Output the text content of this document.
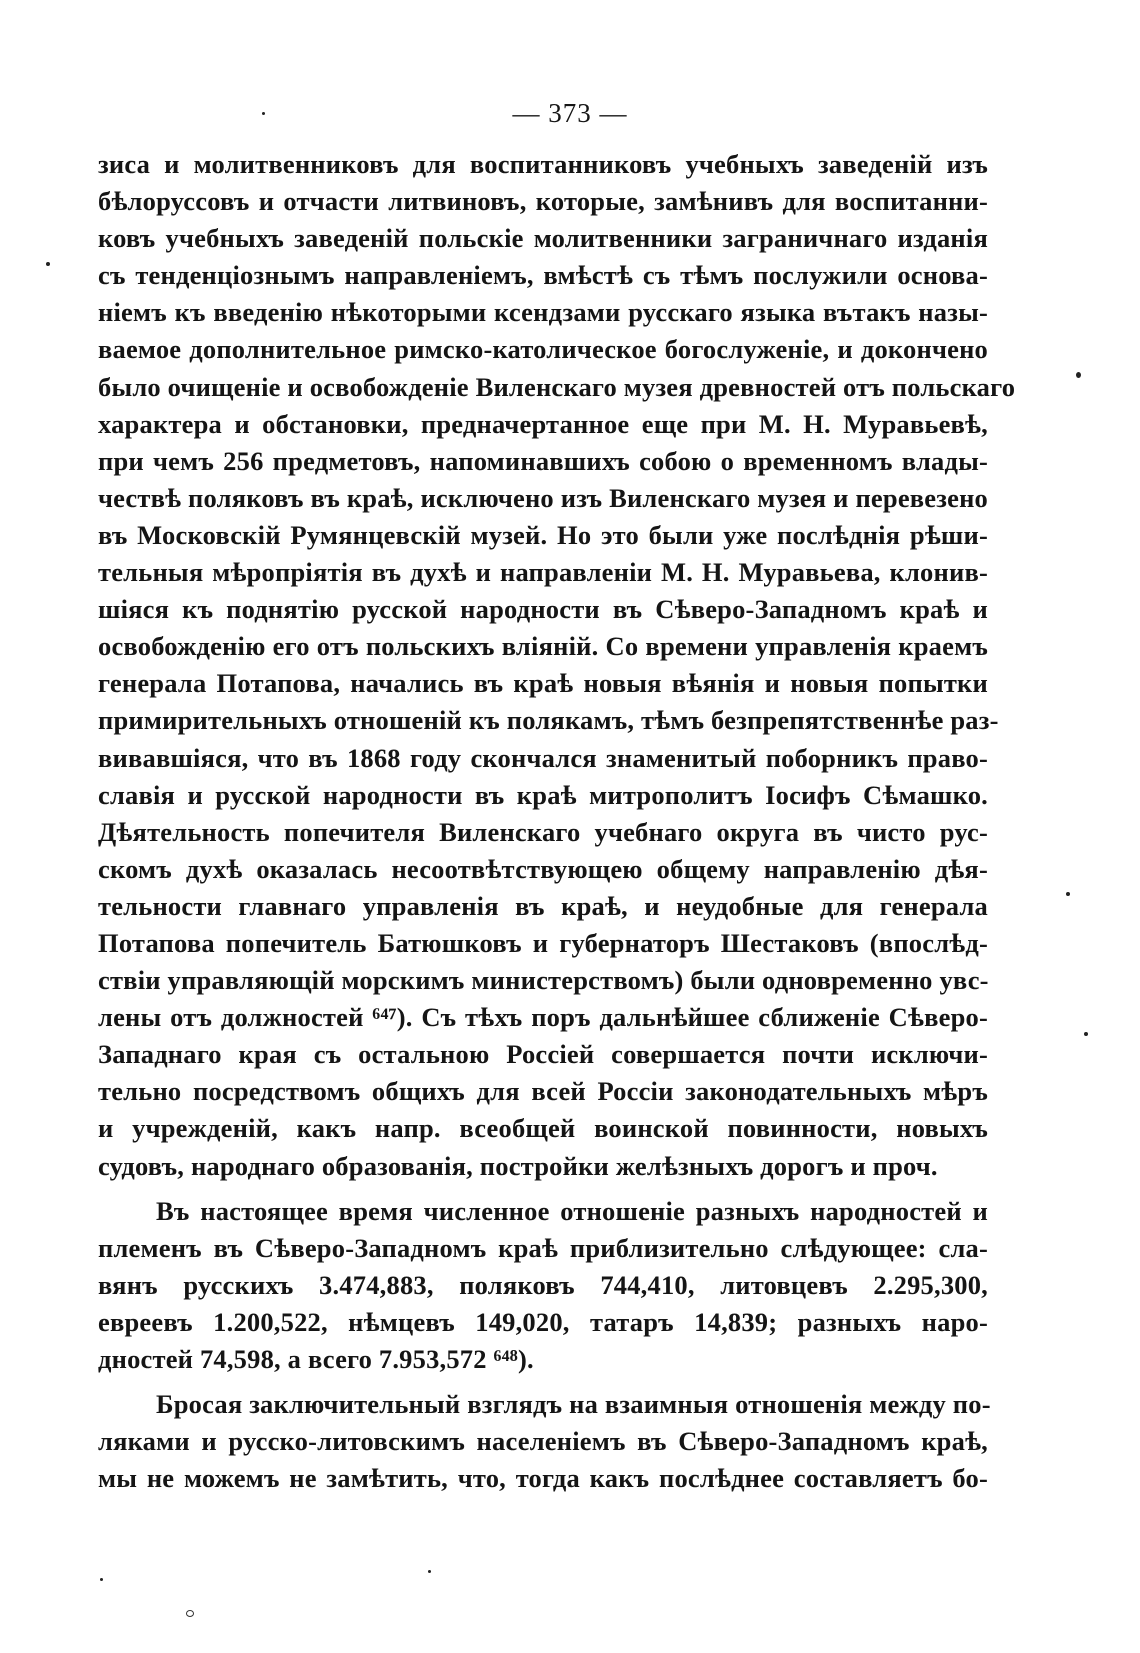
— 373 —
зиса и молитвенниковъ для воспитанниковъ учебныхъ заведеній изъ
бѣлоруссовъ и отчасти литвиновъ, которые, замѣнивъ для воспитанни-
ковъ учебныхъ заведеній польскіе молитвенники заграничнаго изданія
съ тенденціознымъ направленіемъ, вмѣстѣ съ тѣмъ послужили основа-
ніемъ къ введенію нѣкоторыми ксендзами русскаго языка вътакъ назы-
ваемое дополнительное римско-католическое богослуженіе, и докончено
было очищеніе и освобожденіе Виленскаго музея древностей отъ польскаго
характера и обстановки, предначертанное еще при М. Н. Муравьевѣ,
при чемъ 256 предметовъ, напоминавшихъ собою о временномъ влады-
чествѣ поляковъ въ краѣ, исключено изъ Виленскаго музея и перевезено
въ Московскій Румянцевскій музей. Но это были уже послѣднія рѣши-
тельныя мѣропріятія въ духѣ и направленіи М. Н. Муравьева, клонив-
шіяся къ поднятію русской народности въ Сѣверо-Западномъ краѣ и
освобожденію его отъ польскихъ вліяній. Со времени управленія краемъ
генерала Потапова, начались въ краѣ новыя вѣянія и новыя попытки
примирительныхъ отношеній къ полякамъ, тѣмъ безпрепятственнѣе раз-
вивавшіяся, что въ 1868 году скончался знаменитый поборникъ право-
славія и русской народности въ краѣ митрополитъ Іосифъ Сѣмашко.
Дѣятельность попечителя Виленскаго учебнаго округа въ чисто рус-
скомъ духѣ оказалась несоотвѣтствующею общему направленію дѣя-
тельности главнаго управленія въ краѣ, и неудобные для генерала
Потапова попечитель Батюшковъ и губернаторъ Шестаковъ (впослѣд-
ствіи управляющій морскимъ министерствомъ) были одновременно увс-
лены отъ должностей ⁶⁴⁷). Съ тѣхъ поръ дальнѣйшее сближеніе Сѣверо-
Западнаго края съ остальною Россіей совершается почти исключи-
тельно посредствомъ общихъ для всей Россіи законодательныхъ мѣръ
и учрежденій, какъ напр. всеобщей воинской повинности, новыхъ
судовъ, народнаго образованія, постройки желѣзныхъ дорогъ и проч.
Въ настоящее время численное отношеніе разныхъ народностей и
племенъ въ Сѣверо-Западномъ краѣ приблизительно слѣдующее: сла-
вянъ русскихъ 3.474,883, поляковъ 744,410, литовцевъ 2.295,300,
евреевъ 1.200,522, нѣмцевъ 149,020, татаръ 14,839; разныхъ наро-
дностей 74,598, а всего 7.953,572 ⁶⁴⁸).
Бросая заключительный взглядъ на взаимныя отношенія между по-
ляками и русско-литовскимъ населеніемъ въ Сѣверо-Западномъ краѣ,
мы не можемъ не замѣтить, что, тогда какъ послѣднее составляетъ бо-
